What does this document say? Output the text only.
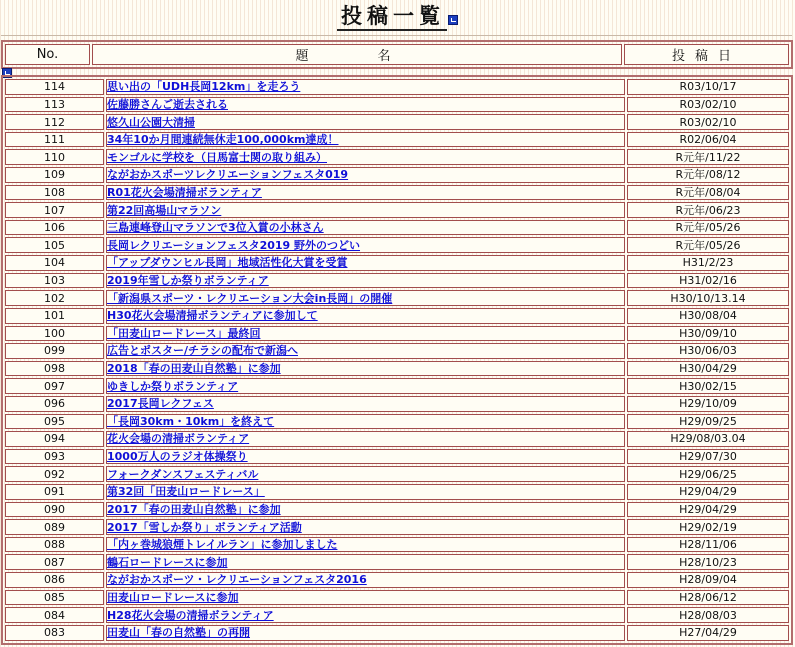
投稿一覧
No.	題　名	投稿日
114	思い出の「UDH長岡12km」を走ろう	R03/10/17
113	佐藤勝さんご逝去される	R03/02/10
112	悠久山公園大清掃	R03/02/10
111	34年10か月間連続無休走100,000km達成！	R02/06/04
110	モンゴルに学校を（日馬富士関の取り組み）	R元年/11/22
109	ながおかスポーツレクリエーションフェスタ019	R元年/08/12
108	R01花火会場清掃ボランティア	R元年/08/04
107	第22回高場山マラソン	R元年/06/23
106	三島連峰登山マラソンで3位入賞の小林さん	R元年/05/26
105	長岡レクリエーションフェスタ2019 野外のつどい	R元年/05/26
104	「アップダウンヒル長岡」地域活性化大賞を受賞	H31/2/23
103	2019年雪しか祭りボランティア	H31/02/16
102	「新潟県スポーツ・レクリエーション大会in長岡」の開催	H30/10/13.14
101	H30花火会場清掃ボランティアに参加して	H30/08/04
100	「田麦山ロードレース」最終回	H30/09/10
099	広告とポスター/チラシの配布で新潟へ	H30/06/03
098	2018「春の田麦山自然塾」に参加	H30/04/29
097	ゆきしか祭りボランティア	H30/02/15
096	2017長岡レクフェス	H29/10/09
095	「長岡30km・10km」を終えて	H29/09/25
094	花火会場の清掃ボランティア	H29/08/03.04
093	1000万人のラジオ体操祭り	H29/07/30
092	フォークダンスフェスティバル	H29/06/25
091	第32回「田麦山ロードレース」	H29/04/29
090	2017「春の田麦山自然塾」に参加	H29/04/29
089	2017「雪しか祭り」ボランティア活動	H29/02/19
088	「内ヶ巻城狼煙トレイルラン」に参加しました	H28/11/06
087	鶴石ロードレースに参加	H28/10/23
086	ながおかスポーツ・レクリエーションフェスタ2016	H28/09/04
085	田麦山ロードレースに参加	H28/06/12
084	H28花火会場の清掃ボランティア	H28/08/03
083	田麦山「春の自然塾」の再開	H27/04/29
